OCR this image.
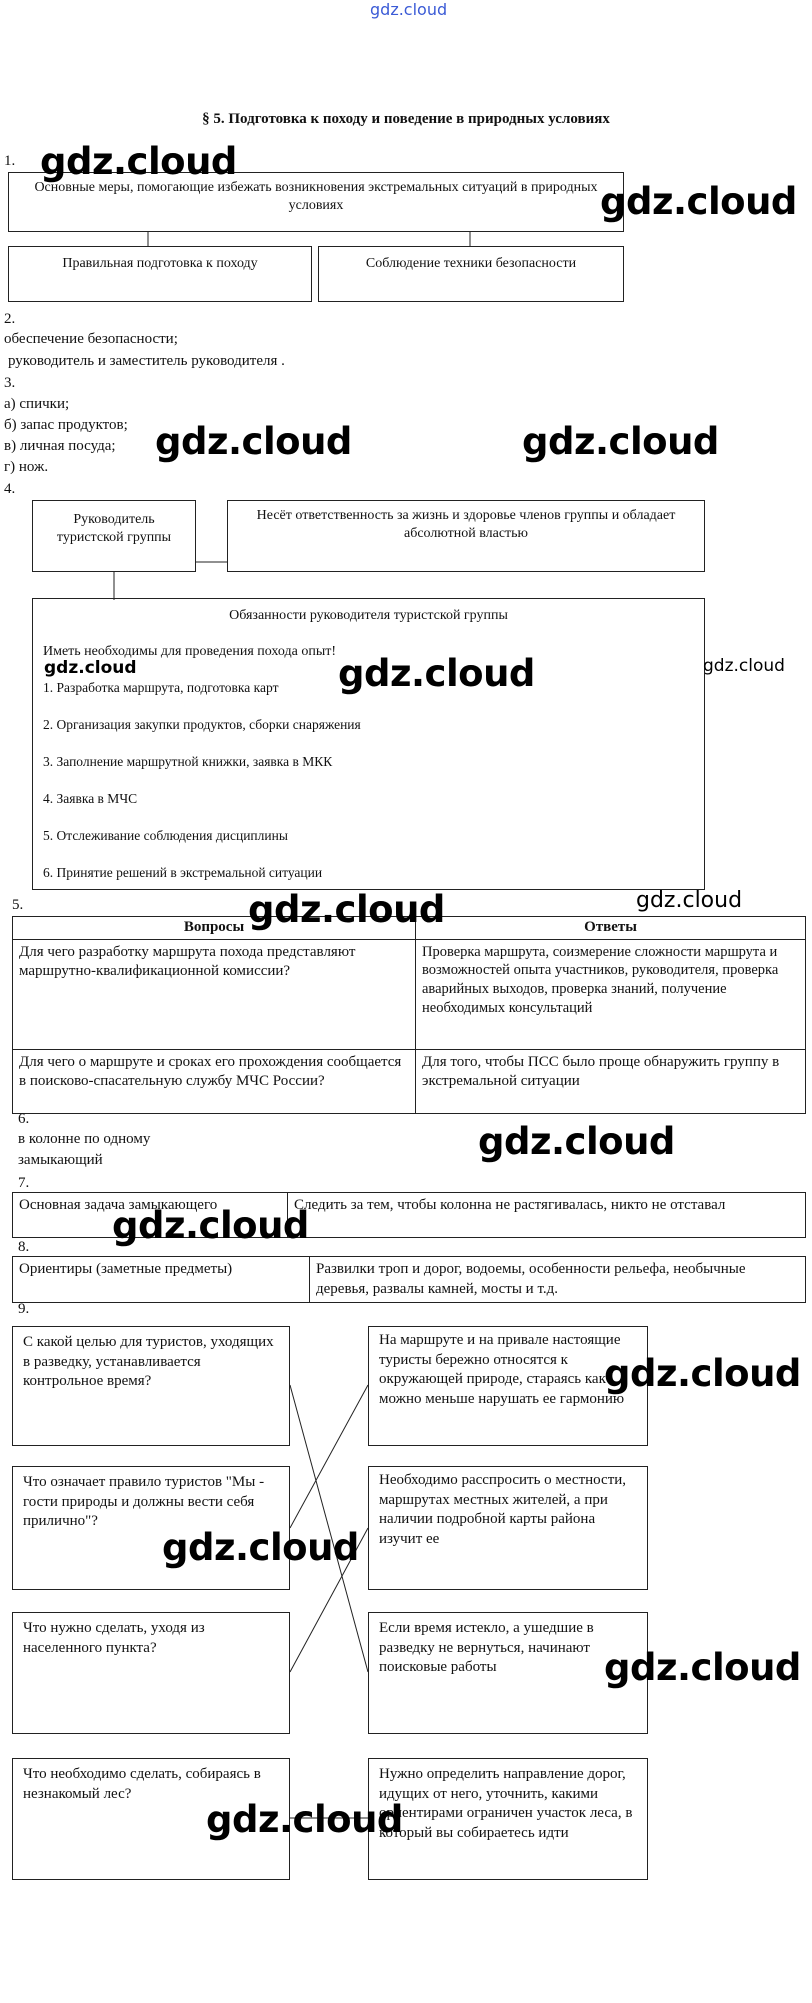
gdz.cloud
§ 5. Подготовка к походу и поведение в природных условиях
1.
Основные меры, помогающие избежать возникновения экстремальных ситуаций в природных условиях
Правильная подготовка к походу	Соблюдение техники безопасности
2.
обеспечение безопасности;
руководитель и заместитель руководителя .
3.
а) спички;
б) запас продуктов;
в) личная посуда;
г) нож.
4.
Руководитель туристской группы
Несёт ответственность за жизнь и здоровье членов группы и обладает абсолютной властью
Обязанности руководителя туристской группы
Иметь необходимы для проведения похода опыт!
1. Разработка маршрута, подготовка карт
2. Организация закупки продуктов, сборки снаряжения
3. Заполнение маршрутной книжки, заявка в МКК
4. Заявка в МЧС
5. Отслеживание соблюдения дисциплины
6. Принятие решений в экстремальной ситуации
5.
Вопросы	Ответы
Для чего разработку маршрута похода представляют маршрутно-квалификационной комиссии?	Проверка маршрута, соизмерение сложности маршрута и возможностей опыта участников, руководителя, проверка аварийных выходов, проверка знаний, получение необходимых консультаций
Для чего о маршруте и сроках его прохождения сообщается в поисково-спасательную службу МЧС России?	Для того, чтобы ПСС было проще обнаружить группу в экстремальной ситуации
6.
в колонне по одному
замыкающий
7.
Основная задача замыкающего	Следить за тем, чтобы колонна не растягивалась, никто не отставал
8.
Ориентиры (заметные предметы)	Развилки троп и дорог, водоемы, особенности рельефа, необычные деревья, развалы камней, мосты и т.д.
9.
С какой целью для туристов, уходящих в разведку, устанавливается контрольное время?
Что означает правило туристов "Мы - гости природы и должны вести себя прилично"?
Что нужно сделать, уходя из населенного пункта?
Что необходимо сделать, собираясь в незнакомый лес?
На маршруте и на привале настоящие туристы бережно относятся к окружающей природе, стараясь как можно меньше нарушать ее гармонию
Необходимо расспросить о местности, маршрутах местных жителей, а при наличии подробной карты района изучит ее
Если время истекло, а ушедшие в разведку не вернуться, начинают поисковые работы
Нужно определить направление дорог, идущих от него, уточнить, какими ориентирами ограничен участок леса, в который вы собираетесь идти
gdz.cloud
gdz.cloud
gdz.cloud	gdz.cloud
gdz.cloud	gdz.cloud	gdz.cloud
gdz.cloud
gdz.cloud
gdz.cloud
gdz.cloud
gdz.cloud
gdz.cloud
gdz.cloud
gdz.cloud
